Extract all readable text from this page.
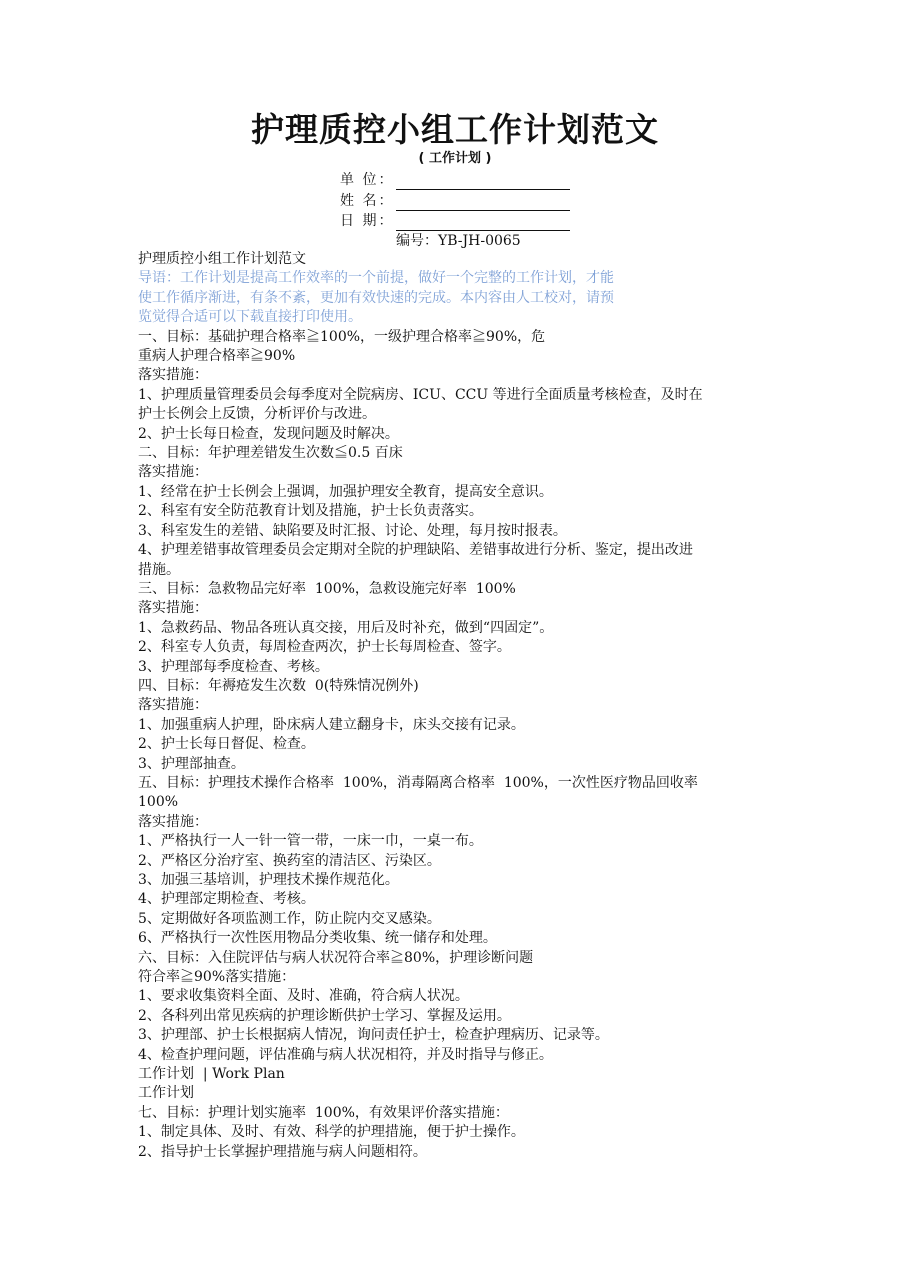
护理质控小组工作计划范文
( 工作计划 )
单 位：
姓 名：
日 期：
编号：YB-JH-0065

护理质控小组工作计划范文

导语：工作计划是提高工作效率的一个前提，做好一个完整的工作计划，才能

使工作循序渐进，有条不紊，更加有效快速的完成。本内容由人工校对，请预

览觉得合适可以下载直接打印使用。

一、目标：基础护理合格率≧100%，一级护理合格率≧90%，危

重病人护理合格率≧90%

落实措施：

1、护理质量管理委员会每季度对全院病房、ICU、CCU 等进行全面质量考核检查，及时在

护士长例会上反馈，分析评价与改进。

2、护士长每日检查，发现问题及时解决。

二、目标：年护理差错发生次数≦0.5 百床

落实措施：

1、经常在护士长例会上强调，加强护理安全教育，提高安全意识。

2、科室有安全防范教育计划及措施，护士长负责落实。

3、科室发生的差错、缺陷要及时汇报、讨论、处理，每月按时报表。

4、护理差错事故管理委员会定期对全院的护理缺陷、差错事故进行分析、鉴定，提出改进

措施。

三、目标：急救物品完好率  100%，急救设施完好率  100%

落实措施：

1、急救药品、物品各班认真交接，用后及时补充，做到“四固定”。

2、科室专人负责，每周检查两次，护士长每周检查、签字。

3、护理部每季度检查、考核。

四、目标：年褥疮发生次数  0(特殊情况例外)

落实措施：

1、加强重病人护理，卧床病人建立翻身卡，床头交接有记录。

2、护士长每日督促、检查。

3、护理部抽查。

五、目标：护理技术操作合格率  100%，消毒隔离合格率  100%，一次性医疗物品回收率

100%

落实措施：

1、严格执行一人一针一管一带，一床一巾，一桌一布。

2、严格区分治疗室、换药室的清洁区、污染区。

3、加强三基培训，护理技术操作规范化。

4、护理部定期检查、考核。

5、定期做好各项监测工作，防止院内交叉感染。

6、严格执行一次性医用物品分类收集、统一储存和处理。

六、目标：入住院评估与病人状况符合率≧80%，护理诊断问题

符合率≧90%落实措施：

1、要求收集资料全面、及时、准确，符合病人状况。

2、各科列出常见疾病的护理诊断供护士学习、掌握及运用。

3、护理部、护士长根据病人情况，询问责任护士，检查护理病历、记录等。

4、检查护理问题，评估准确与病人状况相符，并及时指导与修正。

工作计划  | Work Plan

工作计划

七、目标：护理计划实施率  100%，有效果评价落实措施：

1、制定具体、及时、有效、科学的护理措施，便于护士操作。

2、指导护士长掌握护理措施与病人问题相符。
